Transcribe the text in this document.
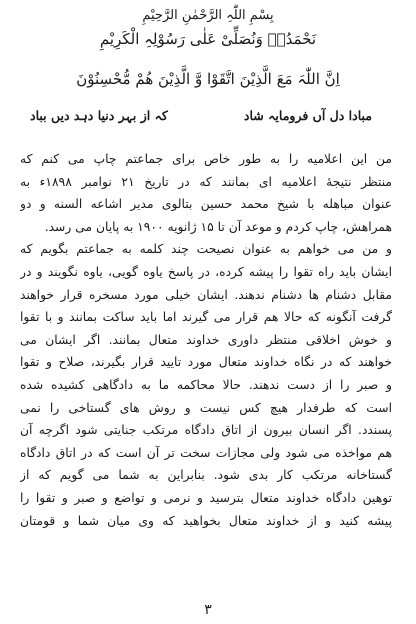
بِسْمِ اللّٰہِ الرَّحْمٰنِ الرَّحِیْمِ
نَحْمَدُہٗ وَنُصَلِّیْ عَلٰی رَسُوْلِہِ الْکَرِیْمِ
اِنَّ اللّٰہَ مَعَ الَّذِیْنَ اتَّقَوْا وَّ الَّذِیْنَ ھُمْ مُّحْسِنُوْنَ
مبادا دل آں فرومایہ شاد
کہ از بہر دنیا دہد دیں بباد
من این اعلامیه را به طور خاص برای جماعتم چاپ می کنم که
منتظر نتیجهٔ اعلامیه ای بمانند که در تاریخ ۲۱ نوامبر ۱۸۹۸ء به
عنوان مباهله با شیخ محمد حسین بتالوی مدیر اشاعه السنه و دو
همراهش، چاپ کردم و موعد آن تا ۱۵ ژانویه ۱۹۰۰ به پایان می رسد.
و من می خواهم به عنوان نصیحت چند کلمه به جماعتم بگویم که
ایشان باید راه تقوا را پیشه کرده، در پاسخ یاوه گویی، یاوه نگویند و در
مقابل دشنام ها دشنام ندهند. ایشان خیلی مورد مسخره قرار خواهند
گرفت آنگونه که حالا هم قرار می گیرند اما باید ساکت بمانند و با تقوا
و خوش اخلاقی منتظر داوری خداوند متعال بمانند. اگر ایشان می
خواهند که در نگاه خداوند متعال مورد تایید قرار بگیرند، صلاح و تقوا
و صبر را از دست ندهند. حالا محاکمه ما به دادگاهی کشیده شده
است که طرفدار هیچ کس نیست و روش های گستاخی را نمی
پسندد. اگر انسان بیرون از اتاق دادگاه مرتکب جنایتی شود اگرچه آن
هم مواخذه می شود ولی مجازات سخت تر آن است که در اتاق دادگاه
گستاخانه مرتکب کار بدی شود. بنابراین به شما می گویم که از
توهین دادگاه خداوند متعال بترسید و نرمی و تواضع و صبر و تقوا را
پیشه کنید و از خداوند متعال بخواهید که وی میان شما و قومتان
۳
